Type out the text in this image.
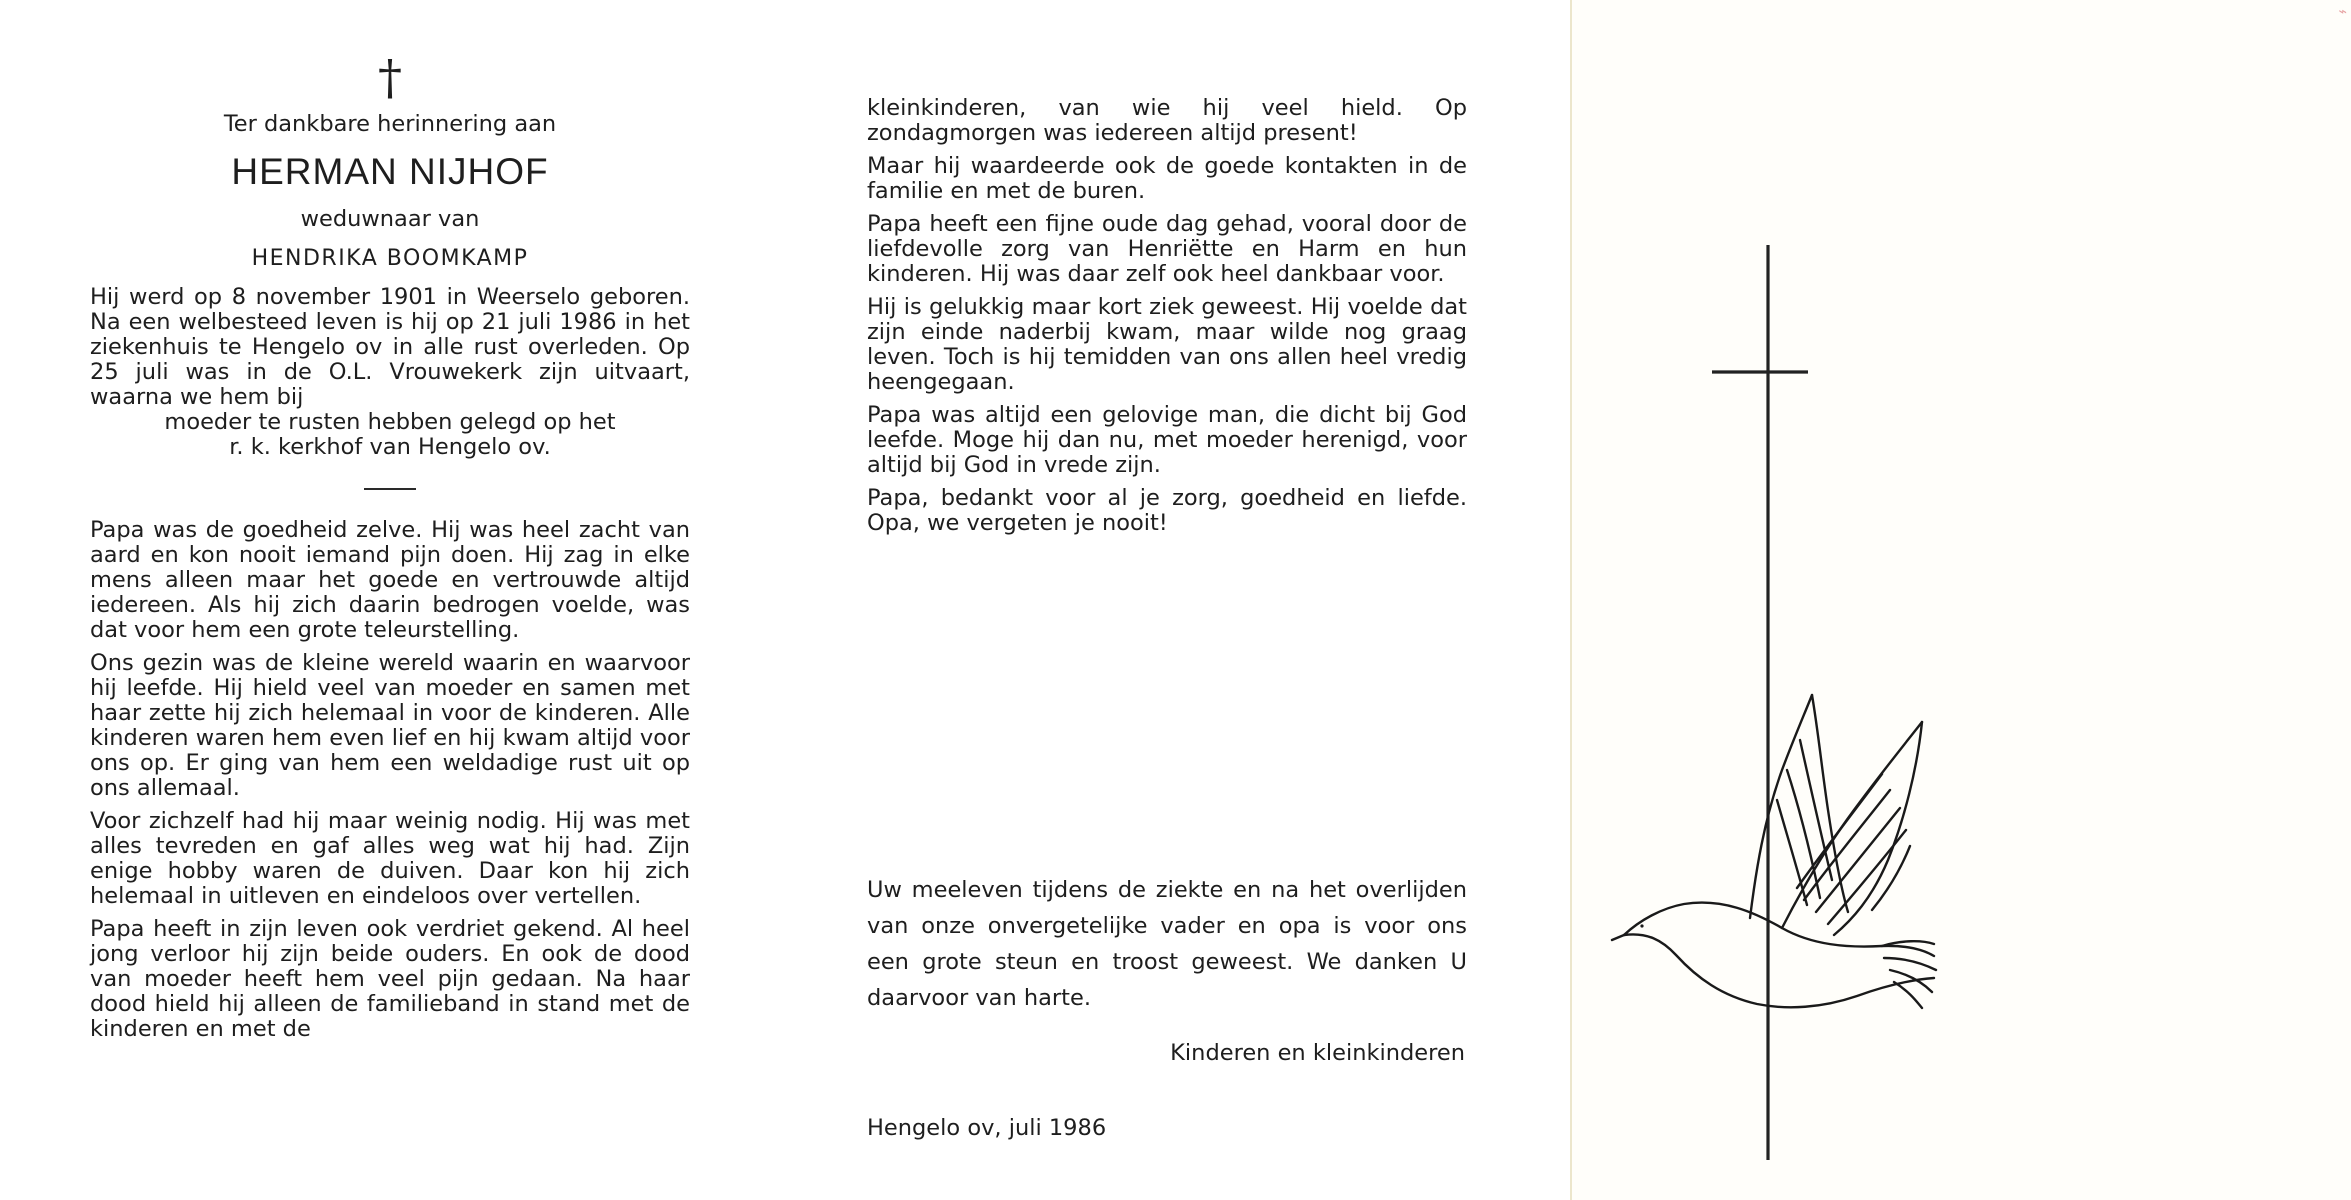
⌁
†
Ter dankbare herinnering aan
HERMAN NIJHOF
weduwnaar van
HENDRIKA BOOMKAMP

Hij werd op 8 november 1901 in Weerselo geboren. Na een welbesteed leven is hij op 21 juli 1986 in het ziekenhuis te Hengelo ov in alle rust overleden. Op 25 juli was in de O.L. Vrouwekerk zijn uitvaart, waarna we hem bij

moeder te rusten hebben gelegd op het
r. k. kerkhof van Hengelo ov.

Papa was de goedheid zelve. Hij was heel zacht van aard en kon nooit iemand pijn doen. Hij zag in elke mens alleen maar het goede en vertrouwde altijd iedereen. Als hij zich daarin bedrogen voelde, was dat voor hem een grote teleurstelling.

Ons gezin was de kleine wereld waarin en waarvoor hij leefde. Hij hield veel van moeder en samen met haar zette hij zich helemaal in voor de kinderen. Alle kinderen waren hem even lief en hij kwam altijd voor ons op. Er ging van hem een weldadige rust uit op ons allemaal.

Voor zichzelf had hij maar weinig nodig. Hij was met alles tevreden en gaf alles weg wat hij had. Zijn enige hobby waren de duiven. Daar kon hij zich helemaal in uitleven en eindeloos over vertellen.

Papa heeft in zijn leven ook verdriet gekend. Al heel jong verloor hij zijn beide ouders. En ook de dood van moeder heeft hem veel pijn gedaan. Na haar dood hield hij alleen de familieband in stand met de kinderen en met de

kleinkinderen, van wie hij veel hield. Op zondagmorgen was iedereen altijd present!

Maar hij waardeerde ook de goede kontakten in de familie en met de buren.

Papa heeft een fijne oude dag gehad, vooral door de liefdevolle zorg van Henriëtte en Harm en hun kinderen. Hij was daar zelf ook heel dankbaar voor.

Hij is gelukkig maar kort ziek geweest. Hij voelde dat zijn einde naderbij kwam, maar wilde nog graag leven. Toch is hij temidden van ons allen heel vredig heengegaan.

Papa was altijd een gelovige man, die dicht bij God leefde. Moge hij dan nu, met moeder herenigd, voor altijd bij God in vrede zijn.

Papa, bedankt voor al je zorg, goedheid en liefde. Opa, we vergeten je nooit!

Uw meeleven tijdens de ziekte en na het overlijden van onze onvergetelijke vader en opa is voor ons een grote steun en troost geweest. We danken U daarvoor van harte.
Kinderen en kleinkinderen
Hengelo ov, juli 1986
